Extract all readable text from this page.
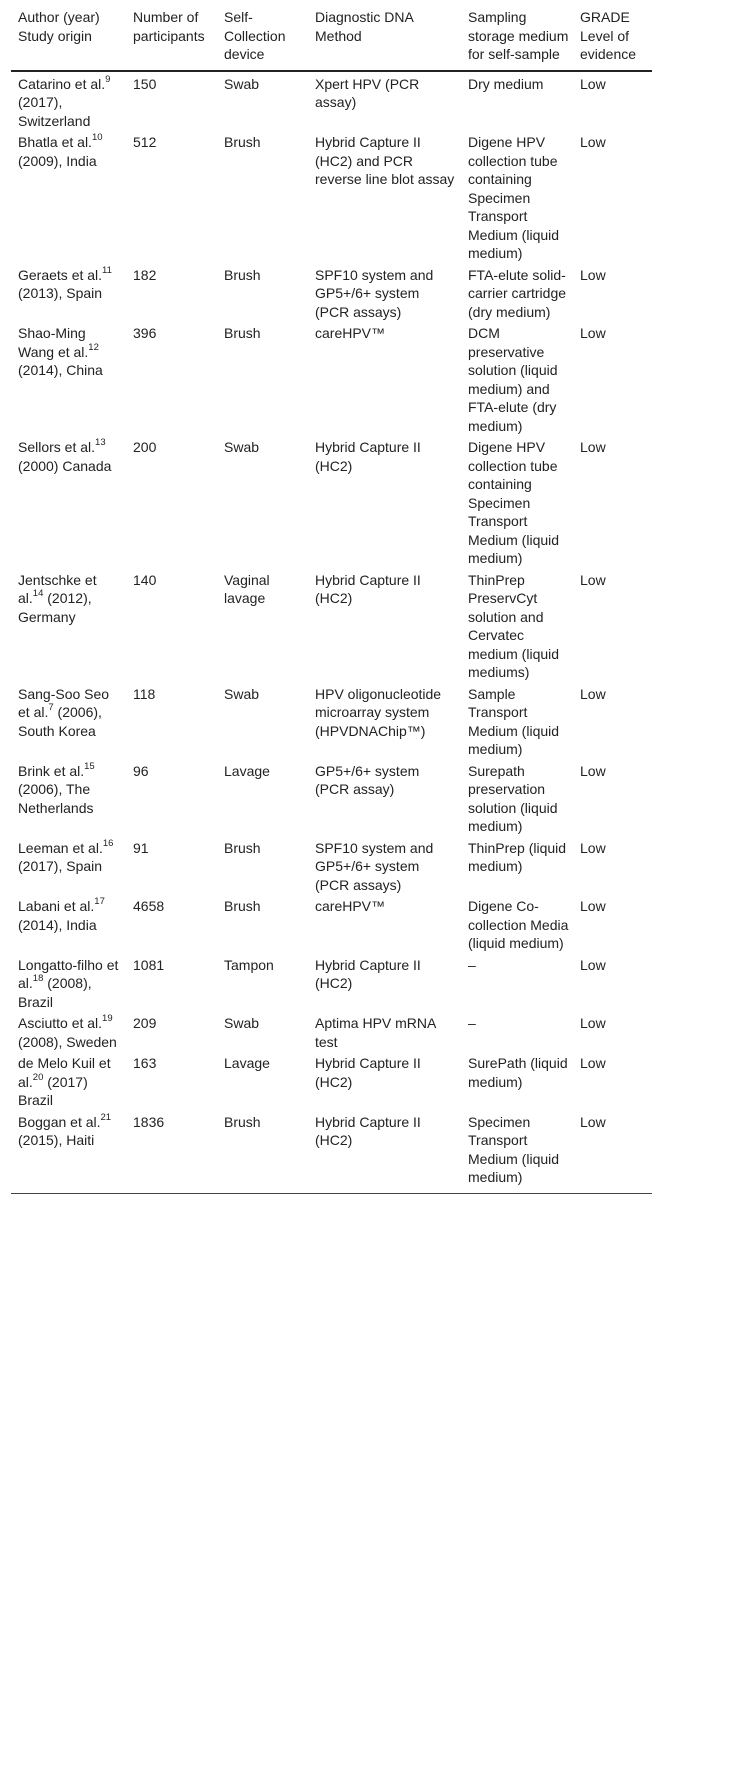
Author (year) Study origin	Number of participants	Self-Collection device	Diagnostic DNA Method	Sampling storage medium for self-sample	GRADE Level of evidence
Catarino et al.$^9$ (2017), Switzerland	150	Swab	Xpert HPV (PCR assay)	Dry medium	Low
Bhatla et al.$^{10}$ (2009), India	512	Brush	Hybrid Capture II (HC2) and PCR reverse line blot assay	Digene HPV collection tube containing Specimen Transport Medium (liquid medium)	Low
Geraets et al.$^{11}$ (2013), Spain	182	Brush	SPF10 system and GP5+/6+ system (PCR assays)	FTA-elute solid-carrier cartridge (dry medium)	Low
Shao-Ming Wang et al.$^{12}$ (2014), China	396	Brush	careHPV™	DCM preservative solution (liquid medium) and FTA-elute (dry medium)	Low
Sellors et al.$^{13}$ (2000) Canada	200	Swab	Hybrid Capture II (HC2)	Digene HPV collection tube containing Specimen Transport Medium (liquid medium)	Low
Jentschke et al.$^{14}$ (2012), Germany	140	Vaginal lavage	Hybrid Capture II (HC2)	ThinPrep PreservCyt solution and Cervatec medium (liquid mediums)	Low
Sang-Soo Seo et al.$^7$ (2006), South Korea	118	Swab	HPV oligonucleotide microarray system (HPVDNAChip™)	Sample Transport Medium (liquid medium)	Low
Brink et al.$^{15}$ (2006), The Netherlands	96	Lavage	GP5+/6+ system (PCR assay)	Surepath preservation solution (liquid medium)	Low
Leeman et al.$^{16}$ (2017), Spain	91	Brush	SPF10 system and GP5+/6+ system (PCR assays)	ThinPrep (liquid medium)	Low
Labani et al.$^{17}$ (2014), India	4658	Brush	careHPV™	Digene Co-collection Media (liquid medium)	Low
Longatto-filho et al.$^{18}$ (2008), Brazil	1081	Tampon	Hybrid Capture II (HC2)	–	Low
Asciutto et al.$^{19}$ (2008), Sweden	209	Swab	Aptima HPV mRNA test	–	Low
de Melo Kuil et al.$^{20}$ (2017) Brazil	163	Lavage	Hybrid Capture II (HC2)	SurePath (liquid medium)	Low
Boggan et al.$^{21}$ (2015), Haiti	1836	Brush	Hybrid Capture II (HC2)	Specimen Transport Medium (liquid medium)	Low
